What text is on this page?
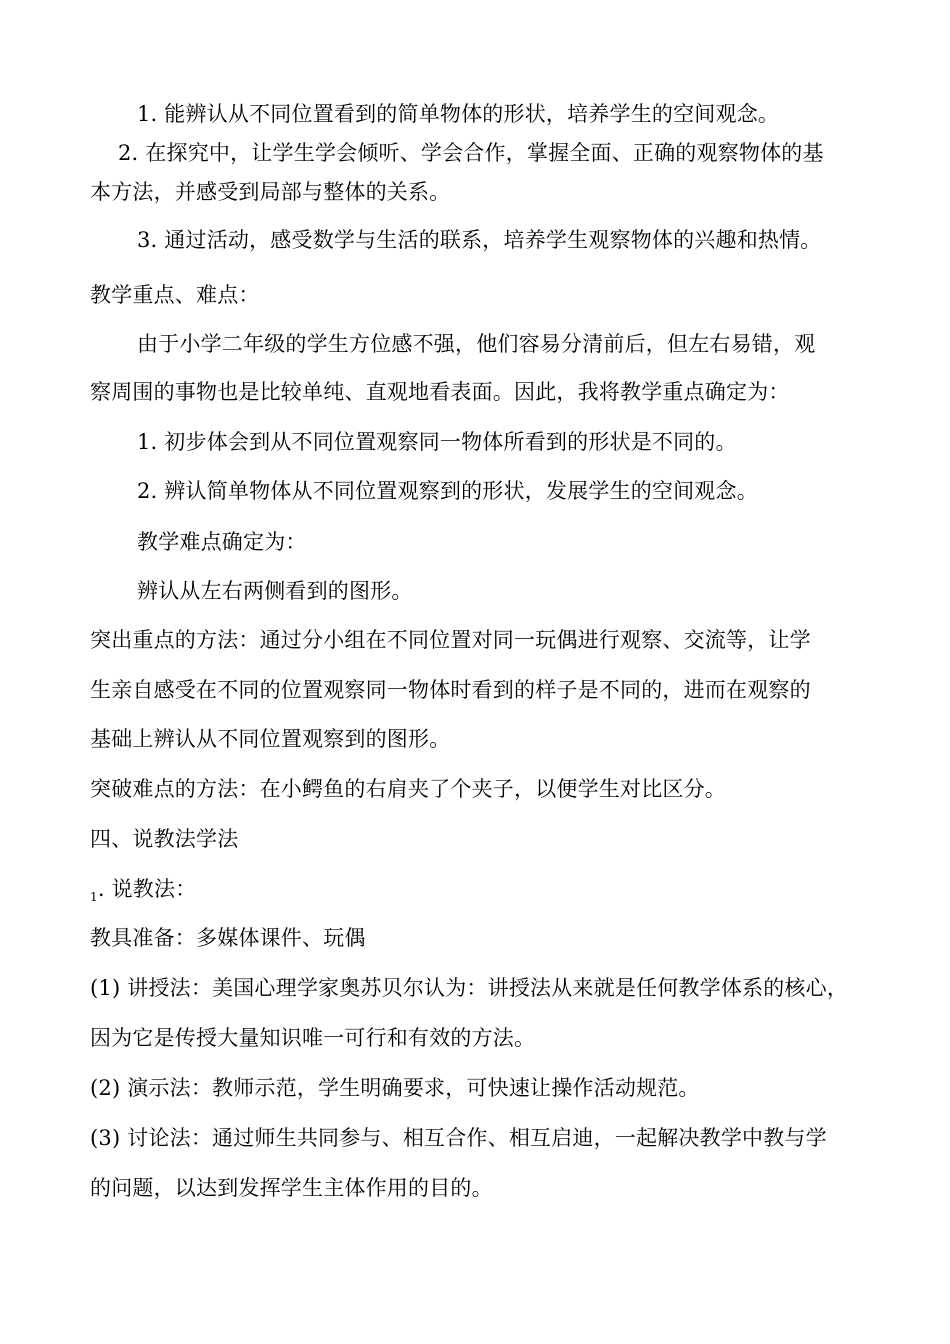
1. 能辨认从不同位置看到的简单物体的形状，培养学生的空间观念。
2. 在探究中，让学生学会倾听、学会合作，掌握全面、正确的观察物体的基
本方法，并感受到局部与整体的关系。
3. 通过活动，感受数学与生活的联系，培养学生观察物体的兴趣和热情。
教学重点、难点：
由于小学二年级的学生方位感不强，他们容易分清前后，但左右易错，观
察周围的事物也是比较单纯、直观地看表面。因此，我将教学重点确定为：
1. 初步体会到从不同位置观察同一物体所看到的形状是不同的。
2. 辨认简单物体从不同位置观察到的形状，发展学生的空间观念。
教学难点确定为：
辨认从左右两侧看到的图形。
突出重点的方法：通过分小组在不同位置对同一玩偶进行观察、交流等，让学
生亲自感受在不同的位置观察同一物体时看到的样子是不同的，进而在观察的
基础上辨认从不同位置观察到的图形。
突破难点的方法：在小鳄鱼的右肩夹了个夹子，以便学生对比区分。
四、说教法学法
$_1$. 说教法：
教具准备：多媒体课件、玩偶
(1) 讲授法：美国心理学家奥苏贝尔认为：讲授法从来就是任何教学体系的核心，
因为它是传授大量知识唯一可行和有效的方法。
(2) 演示法：教师示范，学生明确要求，可快速让操作活动规范。
(3) 讨论法：通过师生共同参与、相互合作、相互启迪，一起解决教学中教与学
的问题，以达到发挥学生主体作用的目的。
